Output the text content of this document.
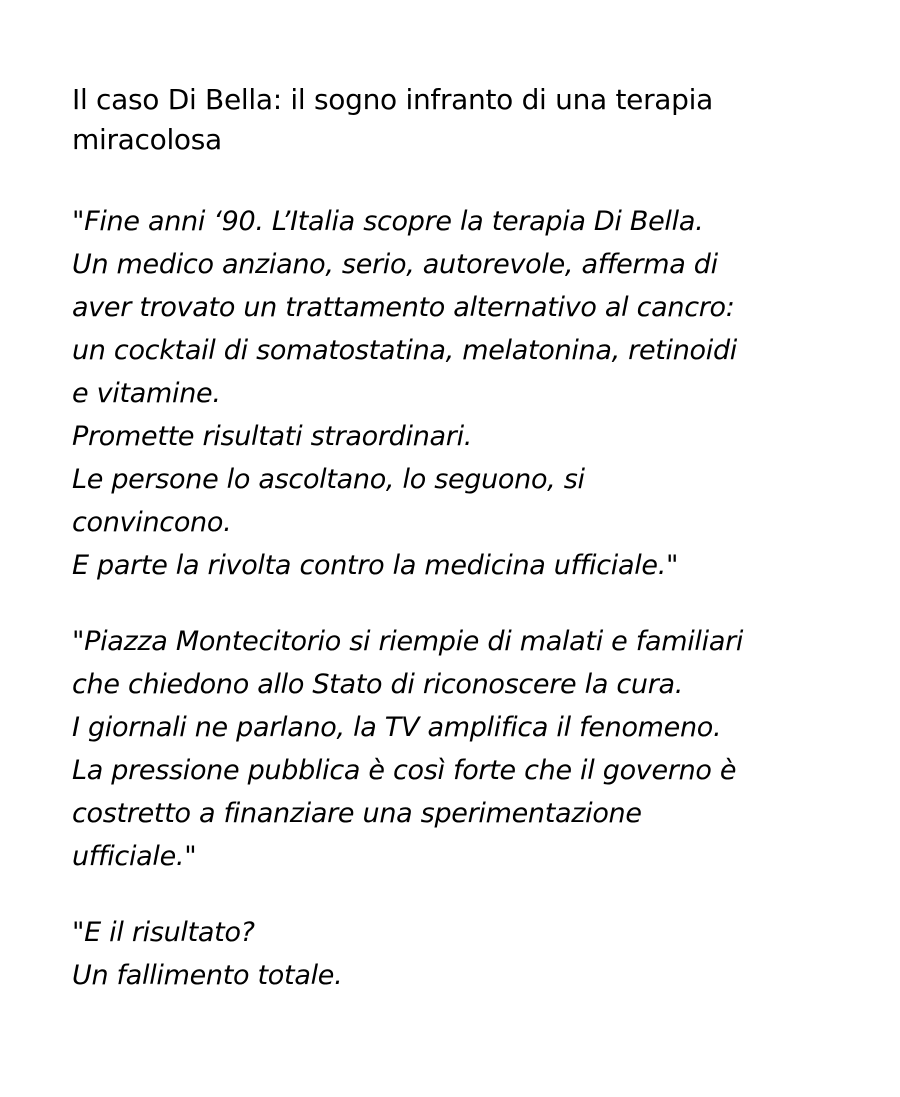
Il caso Di Bella: il sogno infranto di una terapia
miracolosa

"Fine anni ‘90. L’Italia scopre la terapia Di Bella.
Un medico anziano, serio, autorevole, afferma di
aver trovato un trattamento alternativo al cancro:
un cocktail di somatostatina, melatonina, retinoidi
e vitamine.
Promette risultati straordinari.
Le persone lo ascoltano, lo seguono, si
convincono.
E parte la rivolta contro la medicina ufficiale."

"Piazza Montecitorio si riempie di malati e familiari
che chiedono allo Stato di riconoscere la cura.
I giornali ne parlano, la TV amplifica il fenomeno.
La pressione pubblica è così forte che il governo è
costretto a finanziare una sperimentazione
ufficiale."

"E il risultato?
Un fallimento totale.
